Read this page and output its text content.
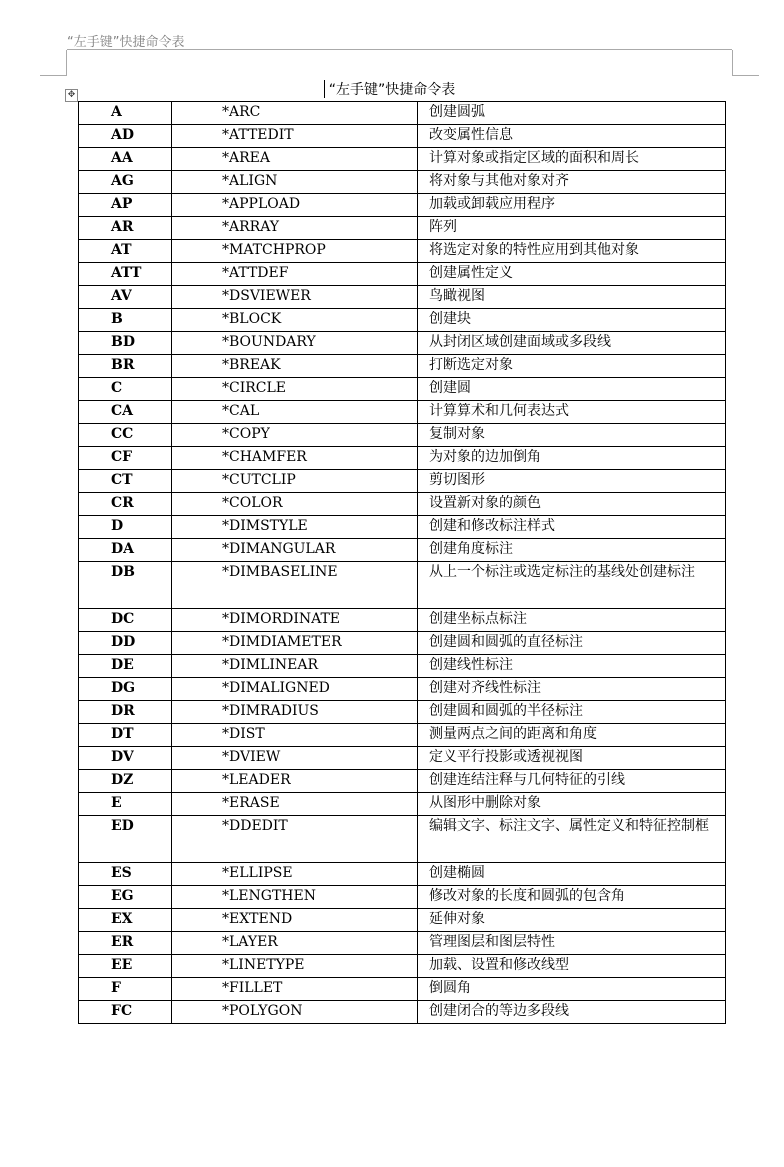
“左手键”快捷命令表
“左手键”快捷命令表
✥
A	*ARC	创建圆弧
AD	*ATTEDIT	改变属性信息
AA	*AREA	计算对象或指定区域的面积和周长
AG	*ALIGN	将对象与其他对象对齐
AP	*APPLOAD	加载或卸载应用程序
AR	*ARRAY	阵列
AT	*MATCHPROP	将选定对象的特性应用到其他对象
ATT	*ATTDEF	创建属性定义
AV	*DSVIEWER	鸟瞰视图
B	*BLOCK	创建块
BD	*BOUNDARY	从封闭区域创建面域或多段线
BR	*BREAK	打断选定对象
C	*CIRCLE	创建圆
CA	*CAL	计算算术和几何表达式
CC	*COPY	复制对象
CF	*CHAMFER	为对象的边加倒角
CT	*CUTCLIP	剪切图形
CR	*COLOR	设置新对象的颜色
D	*DIMSTYLE	创建和修改标注样式
DA	*DIMANGULAR	创建角度标注
DB	*DIMBASELINE	从上一个标注或选定标注的基线处创建标注
DC	*DIMORDINATE	创建坐标点标注
DD	*DIMDIAMETER	创建圆和圆弧的直径标注
DE	*DIMLINEAR	创建线性标注
DG	*DIMALIGNED	创建对齐线性标注
DR	*DIMRADIUS	创建圆和圆弧的半径标注
DT	*DIST	测量两点之间的距离和角度
DV	*DVIEW	定义平行投影或透视视图
DZ	*LEADER	创建连结注释与几何特征的引线
E	*ERASE	从图形中删除对象
ED	*DDEDIT	编辑文字、标注文字、属性定义和特征控制框
ES	*ELLIPSE	创建椭圆
EG	*LENGTHEN	修改对象的长度和圆弧的包含角
EX	*EXTEND	延伸对象
ER	*LAYER	管理图层和图层特性
EE	*LINETYPE	加载、设置和修改线型
F	*FILLET	倒圆角
FC	*POLYGON	创建闭合的等边多段线
